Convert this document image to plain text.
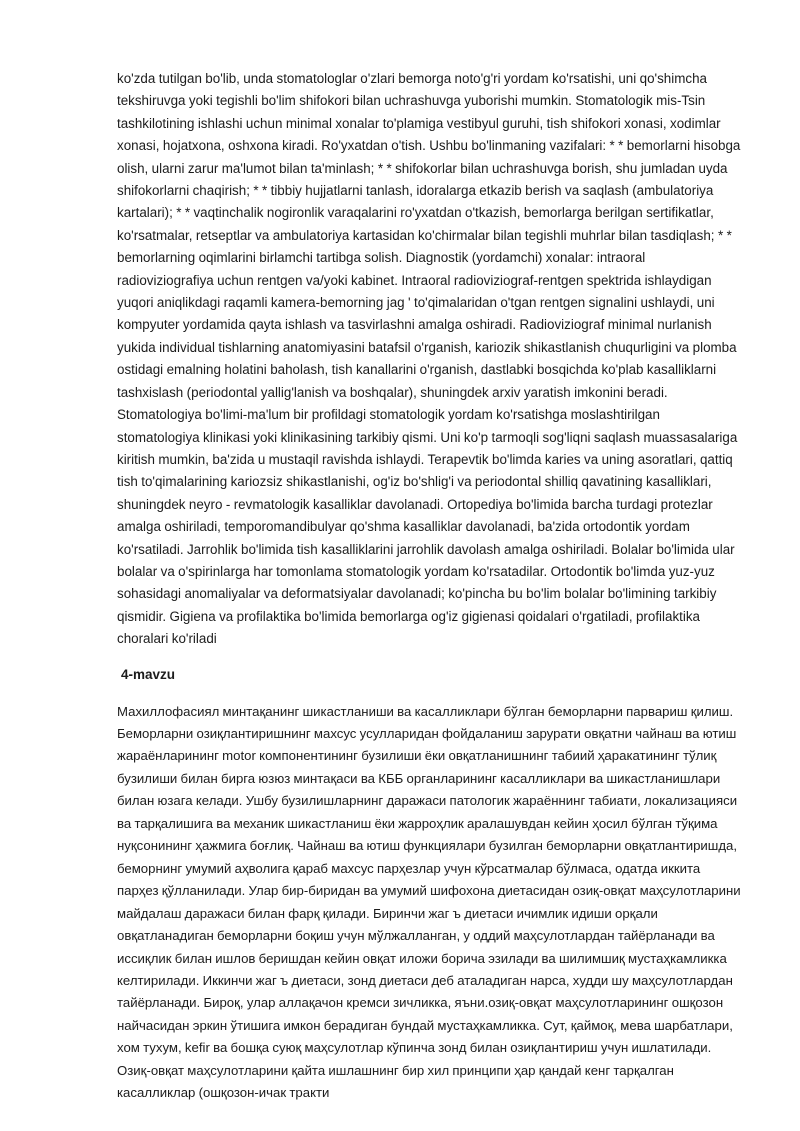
ko'zda tutilgan bo'lib, unda stomatologlar o'zlari bemorga noto'g'ri yordam ko'rsatishi, uni qo'shimcha tekshiruvga yoki tegishli bo'lim shifokori bilan uchrashuvga yuborishi mumkin. Stomatologik mis-Tsin tashkilotining ishlashi uchun minimal xonalar to'plamiga vestibyul guruhi, tish shifokori xonasi, xodimlar xonasi, hojatxona, oshxona kiradi. Ro'yxatdan o'tish. Ushbu bo'linmaning vazifalari: * * bemorlarni hisobga olish, ularni zarur ma'lumot bilan ta'minlash; * * shifokorlar bilan uchrashuvga borish, shu jumladan uyda shifokorlarni chaqirish; * * tibbiy hujjatlarni tanlash, idoralarga etkazib berish va saqlash (ambulatoriya kartalari); * * vaqtinchalik nogironlik varaqalarini ro'yxatdan o'tkazish, bemorlarga berilgan sertifikatlar, ko'rsatmalar, retseptlar va ambulatoriya kartasidan ko'chirmalar bilan tegishli muhrlar bilan tasdiqlash; * * bemorlarning oqimlarini birlamchi tartibga solish. Diagnostik (yordamchi) xonalar: intraoral radioviziografiya uchun rentgen va/yoki kabinet. Intraoral radioviziograf-rentgen spektrida ishlaydigan yuqori aniqlikdagi raqamli kamera-bemorning jag ' to'qimalaridan o'tgan rentgen signalini ushlaydi, uni kompyuter yordamida qayta ishlash va tasvirlashni amalga oshiradi. Radioviziograf minimal nurlanish yukida individual tishlarning anatomiyasini batafsil o'rganish, kariozik shikastlanish chuqurligini va plomba ostidagi emalning holatini baholash, tish kanallarini o'rganish, dastlabki bosqichda ko'plab kasalliklarni tashxislash (periodontal yallig'lanish va boshqalar), shuningdek arxiv yaratish imkonini beradi. Stomatologiya bo'limi-ma'lum bir profildagi stomatologik yordam ko'rsatishga moslashtirilgan stomatologiya klinikasi yoki klinikasining tarkibiy qismi. Uni ko'p tarmoqli sog'liqni saqlash muassasalariga kiritish mumkin, ba'zida u mustaqil ravishda ishlaydi. Terapevtik bo'limda karies va uning asoratlari, qattiq tish to'qimalarining kariozsiz shikastlanishi, og'iz bo'shlig'i va periodontal shilliq qavatining kasalliklari, shuningdek neyro - revmatologik kasalliklar davolanadi. Ortopediya bo'limida barcha turdagi protezlar amalga oshiriladi, temporomandibulyar qo'shma kasalliklar davolanadi, ba'zida ortodontik yordam ko'rsatiladi. Jarrohlik bo'limida tish kasalliklarini jarrohlik davolash amalga oshiriladi. Bolalar bo'limida ular bolalar va o'spirinlarga har tomonlama stomatologik yordam ko'rsatadilar. Ortodontik bo'limda yuz-yuz sohasidagi anomaliyalar va deformatsiyalar davolanadi; ko'pincha bu bo'lim bolalar bo'limining tarkibiy qismidir. Gigiena va profilaktika bo'limida bemorlarga og'iz gigienasi qoidalari o'rgatiladi, profilaktika choralari ko'riladi

4-mavzu

Махиллофасиял минтақанинг шикастланиши ва касалликлари бўлган беморларни парвариш қилиш. Беморларни озиқлантиришнинг махсус усулларидан фойдаланиш зарурати овқатни чайнаш ва ютиш жараёнларининг motor компонентининг бузилиши ёки овқатланишнинг табиий ҳаракатининг тўлиқ бузилиши билан бирга юзюз минтақаси ва КББ органларининг касалликлари ва шикастланишлари билан юзага келади. Ушбу бузилишларнинг даражаси патологик жараённинг табиати, локализацияси ва тарқалишига ва механик шикастланиш ёки жарроҳлик аралашувдан кейин ҳосил бўлган тўқима нуқсонининг ҳажмига боғлиқ. Чайнаш ва ютиш функциялари бузилган беморларни овқатлантиришда, беморнинг умумий аҳволига қараб махсус парҳезлар учун кўрсатмалар бўлмаса, одатда иккита парҳез қўлланилади. Улар бир-биридан ва умумий шифохона диетасидан озиқ-овқат маҳсулотларини майдалаш даражаси билан фарқ қилади. Биринчи жаг ъ диетаси ичимлик идиши орқали овқатланадиган беморларни боқиш учун мўлжалланган, у оддий маҳсулотлардан тайёрланади ва иссиқлик билан ишлов беришдан кейин овқат иложи борича эзилади ва шилимшиқ мустаҳкамликка келтирилади. Иккинчи жаг ъ диетаси, зонд диетаси деб аталадиган нарса, худди шу маҳсулотлардан тайёрланади. Бироқ, улар аллақачон кремси зичликка, яъни.озиқ-овқат маҳсулотларининг ошқозон найчасидан эркин ўтишига имкон берадиган бундай мустаҳкамликка. Сут, қаймоқ, мева шарбатлари, хом тухум, kefir ва бошқа суюқ маҳсулотлар кўпинча зонд билан озиқлантириш учун ишлатилади. Озиқ-овқат маҳсулотларини қайта ишлашнинг бир хил принципи ҳар қандай кенг тарқалган касалликлар (ошқозон-ичак тракти
